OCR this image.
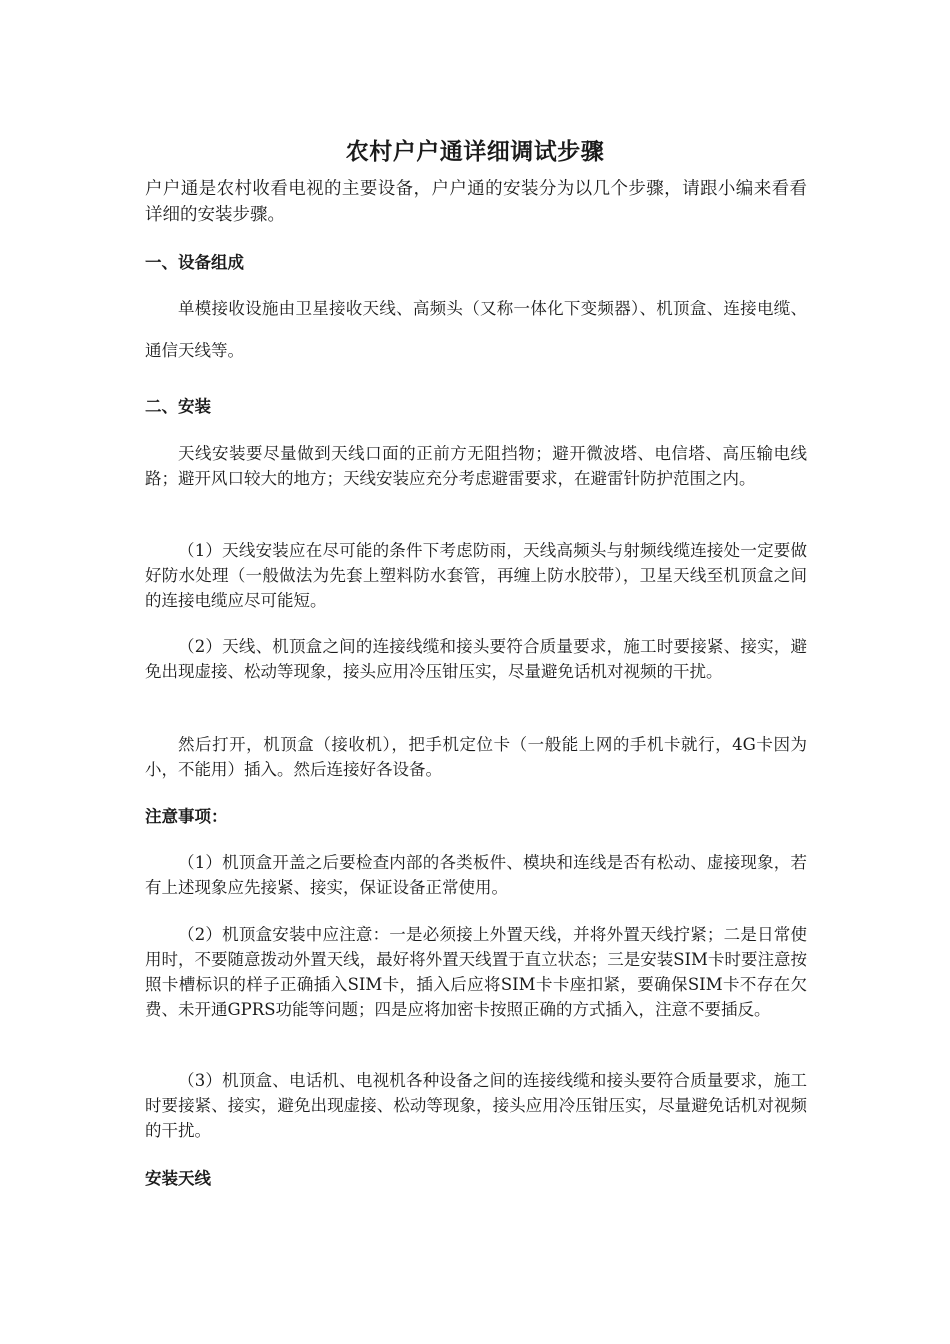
农村户户通详细调试步骤
户户通是农村收看电视的主要设备，户户通的安装分为以几个步骤，请跟小编来看看详细的安装步骤。
一、设备组成
单模接收设施由卫星接收天线、高频头（又称一体化下变频器）、机顶盒、连接电缆、通信天线等。
二、安装
天线安装要尽量做到天线口面的正前方无阻挡物；避开微波塔、电信塔、高压输电线路；避开风口较大的地方；天线安装应充分考虑避雷要求，在避雷针防护范围之内。
（1）天线安装应在尽可能的条件下考虑防雨，天线高频头与射频线缆连接处一定要做好防水处理（一般做法为先套上塑料防水套管，再缠上防水胶带），卫星天线至机顶盒之间的连接电缆应尽可能短。
（2）天线、机顶盒之间的连接线缆和接头要符合质量要求，施工时要接紧、接实，避免出现虚接、松动等现象，接头应用冷压钳压实，尽量避免话机对视频的干扰。
然后打开，机顶盒（接收机），把手机定位卡（一般能上网的手机卡就行，4G卡因为小，不能用）插入。然后连接好各设备。
注意事项：
（1）机顶盒开盖之后要检查内部的各类板件、模块和连线是否有松动、虚接现象，若有上述现象应先接紧、接实，保证设备正常使用。
（2）机顶盒安装中应注意：一是必须接上外置天线，并将外置天线拧紧；二是日常使用时，不要随意拨动外置天线，最好将外置天线置于直立状态；三是安装SIM卡时要注意按照卡槽标识的样子正确插入SIM卡，插入后应将SIM卡卡座扣紧，要确保SIM卡不存在欠费、未开通GPRS功能等问题；四是应将加密卡按照正确的方式插入，注意不要插反。
（3）机顶盒、电话机、电视机各种设备之间的连接线缆和接头要符合质量要求，施工时要接紧、接实，避免出现虚接、松动等现象，接头应用冷压钳压实，尽量避免话机对视频的干扰。
安装天线
